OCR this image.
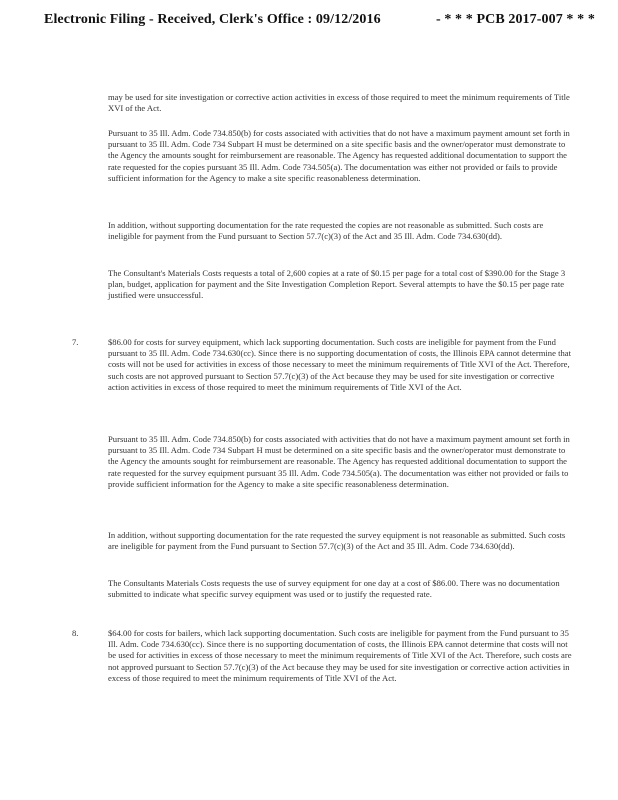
Electronic Filing - Received, Clerk's Office : 09/12/2016	- * * * PCB 2017-007 * * *
may be used for site investigation or corrective action activities in excess of those required to meet the minimum requirements of Title XVI of the Act.
Pursuant to 35 Ill. Adm. Code 734.850(b) for costs associated with activities that do not have a maximum payment amount set forth in pursuant to 35 Ill. Adm. Code 734 Subpart H must be determined on a site specific basis and the owner/operator must demonstrate to the Agency the amounts sought for reimbursement are reasonable. The Agency has requested additional documentation to support the rate requested for the copies pursuant 35 Ill. Adm. Code 734.505(a). The documentation was either not provided or fails to provide sufficient information for the Agency to make a site specific reasonableness determination.
In addition, without supporting documentation for the rate requested the copies are not reasonable as submitted. Such costs are ineligible for payment from the Fund pursuant to Section 57.7(c)(3) of the Act and 35 Ill. Adm. Code 734.630(dd).
The Consultant's Materials Costs requests a total of 2,600 copies at a rate of $0.15 per page for a total cost of $390.00 for the Stage 3 plan, budget, application for payment and the Site Investigation Completion Report. Several attempts to have the $0.15 per page rate justified were unsuccessful.
7.	$86.00 for costs for survey equipment, which lack supporting documentation. Such costs are ineligible for payment from the Fund pursuant to 35 Ill. Adm. Code 734.630(cc). Since there is no supporting documentation of costs, the Illinois EPA cannot determine that costs will not be used for activities in excess of those necessary to meet the minimum requirements of Title XVI of the Act. Therefore, such costs are not approved pursuant to Section 57.7(c)(3) of the Act because they may be used for site investigation or corrective action activities in excess of those required to meet the minimum requirements of Title XVI of the Act.
Pursuant to 35 Ill. Adm. Code 734.850(b) for costs associated with activities that do not have a maximum payment amount set forth in pursuant to 35 Ill. Adm. Code 734 Subpart H must be determined on a site specific basis and the owner/operator must demonstrate to the Agency the amounts sought for reimbursement are reasonable. The Agency has requested additional documentation to support the rate requested for the survey equipment pursuant 35 Ill. Adm. Code 734.505(a). The documentation was either not provided or fails to provide sufficient information for the Agency to make a site specific reasonableness determination.
In addition, without supporting documentation for the rate requested the survey equipment is not reasonable as submitted. Such costs are ineligible for payment from the Fund pursuant to Section 57.7(c)(3) of the Act and 35 Ill. Adm. Code 734.630(dd).
The Consultants Materials Costs requests the use of survey equipment for one day at a cost of $86.00. There was no documentation submitted to indicate what specific survey equipment was used or to justify the requested rate.
8.	$64.00 for costs for bailers, which lack supporting documentation. Such costs are ineligible for payment from the Fund pursuant to 35 Ill. Adm. Code 734.630(cc). Since there is no supporting documentation of costs, the Illinois EPA cannot determine that costs will not be used for activities in excess of those necessary to meet the minimum requirements of Title XVI of the Act. Therefore, such costs are not approved pursuant to Section 57.7(c)(3) of the Act because they may be used for site investigation or corrective action activities in excess of those required to meet the minimum requirements of Title XVI of the Act.
